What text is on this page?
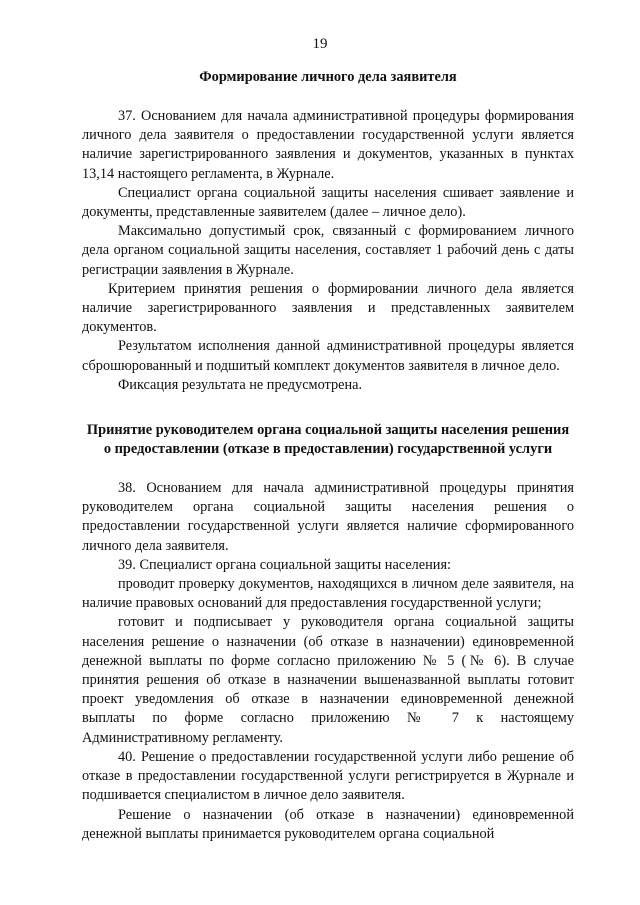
19
Формирование личного дела заявителя

37. Основанием для начала административной процедуры формирования личного дела заявителя о предоставлении государственной услуги является наличие зарегистрированного заявления и документов, указанных в пунктах 13,14 настоящего регламента, в Журнале.

Специалист органа социальной защиты населения сшивает заявление и документы, представленные заявителем (далее – личное дело).

Максимально допустимый срок, связанный с формированием личного дела органом социальной защиты населения, составляет 1 рабочий день с даты регистрации заявления в Журнале.

Критерием принятия решения о формировании личного дела является наличие зарегистрированного заявления и представленных заявителем документов.

Результатом исполнения данной административной процедуры является сброшюрованный и подшитый комплект документов заявителя в личное дело.

Фиксация результата не предусмотрена.

Принятие руководителем органа социальной защиты населения решения о предоставлении (отказе в предоставлении) государственной услуги

38. Основанием для начала административной процедуры принятия руководителем органа социальной защиты населения решения о предоставлении государственной услуги является наличие сформированного личного дела заявителя.

39. Специалист органа социальной защиты населения:

проводит проверку документов, находящихся в личном деле заявителя, на наличие правовых оснований для предоставления государственной услуги;

готовит и подписывает у руководителя органа социальной защиты населения решение о назначении (об отказе в назначении) единовременной денежной выплаты по форме согласно приложению № 5 (№ 6). В случае принятия решения об отказе в назначении вышеназванной выплаты готовит проект уведомления об отказе в назначении единовременной денежной выплаты по форме согласно приложению № 7 к настоящему Административному регламенту.

40. Решение о предоставлении государственной услуги либо решение об отказе в предоставлении государственной услуги регистрируется в Журнале и подшивается специалистом в личное дело заявителя.

Решение о назначении (об отказе в назначении) единовременной денежной выплаты принимается руководителем органа социальной
